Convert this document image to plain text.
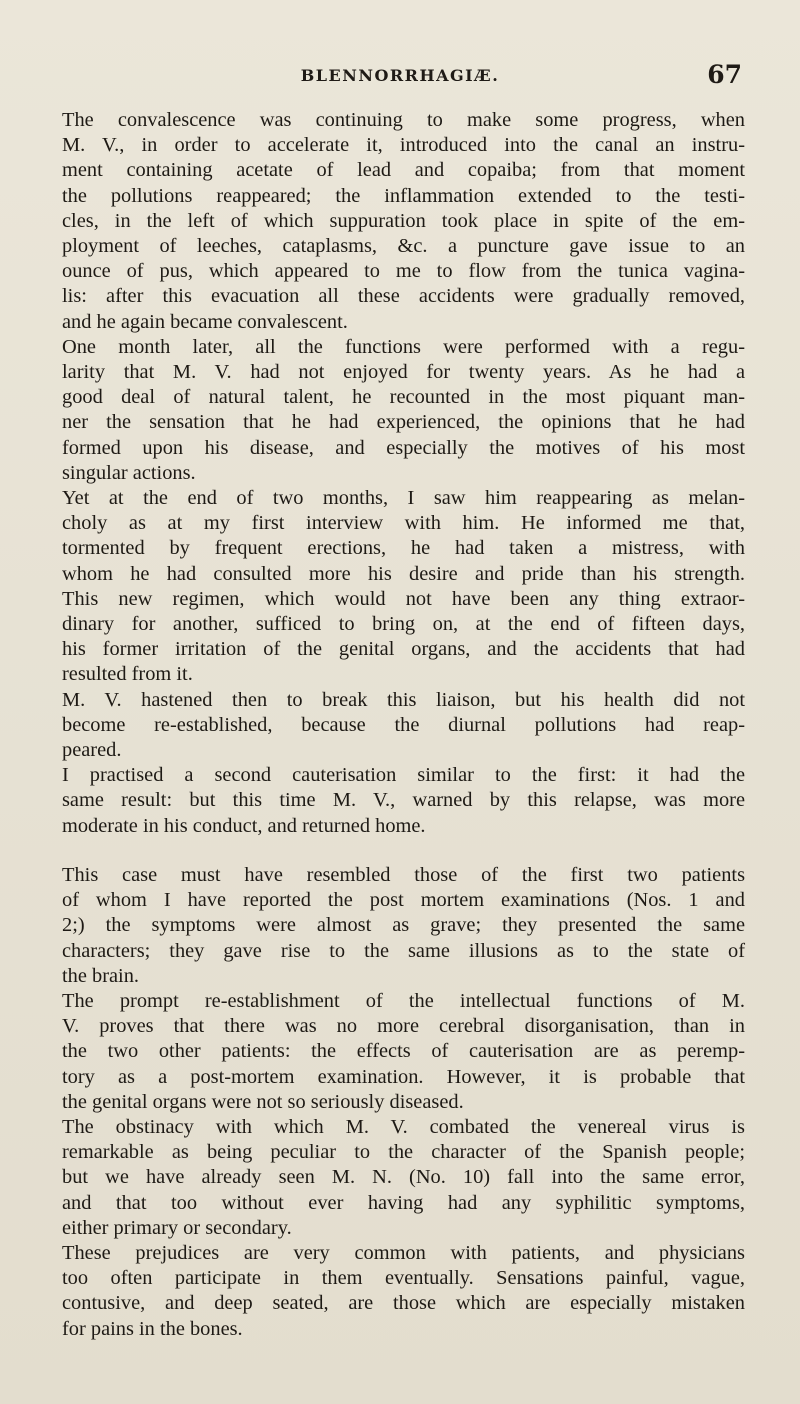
BLENNORRHAGIÆ.	67
The convalescence was continuing to make some progress, when
M. V., in order to accelerate it, introduced into the canal an instru-
ment containing acetate of lead and copaiba; from that moment
the pollutions reappeared; the inflammation extended to the testi-
cles, in the left of which suppuration took place in spite of the em-
ployment of leeches, cataplasms, &c. a puncture gave issue to an
ounce of pus, which appeared to me to flow from the tunica vagina-
lis: after this evacuation all these accidents were gradually removed,
and he again became convalescent.
One month later, all the functions were performed with a regu-
larity that M. V. had not enjoyed for twenty years. As he had a
good deal of natural talent, he recounted in the most piquant man-
ner the sensation that he had experienced, the opinions that he had
formed upon his disease, and especially the motives of his most
singular actions.
Yet at the end of two months, I saw him reappearing as melan-
choly as at my first interview with him. He informed me that,
tormented by frequent erections, he had taken a mistress, with
whom he had consulted more his desire and pride than his strength.
This new regimen, which would not have been any thing extraor-
dinary for another, sufficed to bring on, at the end of fifteen days,
his former irritation of the genital organs, and the accidents that had
resulted from it.
M. V. hastened then to break this liaison, but his health did not
become re-established, because the diurnal pollutions had reap-
peared.
I practised a second cauterisation similar to the first: it had the
same result: but this time M. V., warned by this relapse, was more
moderate in his conduct, and returned home.
This case must have resembled those of the first two patients
of whom I have reported the post mortem examinations (Nos. 1 and
2;) the symptoms were almost as grave; they presented the same
characters; they gave rise to the same illusions as to the state of
the brain.
The prompt re-establishment of the intellectual functions of M.
V. proves that there was no more cerebral disorganisation, than in
the two other patients: the effects of cauterisation are as peremp-
tory as a post-mortem examination. However, it is probable that
the genital organs were not so seriously diseased.
The obstinacy with which M. V. combated the venereal virus is
remarkable as being peculiar to the character of the Spanish people;
but we have already seen M. N. (No. 10) fall into the same error,
and that too without ever having had any syphilitic symptoms,
either primary or secondary.
These prejudices are very common with patients, and physicians
too often participate in them eventually. Sensations painful, vague,
contusive, and deep seated, are those which are especially mistaken
for pains in the bones.
